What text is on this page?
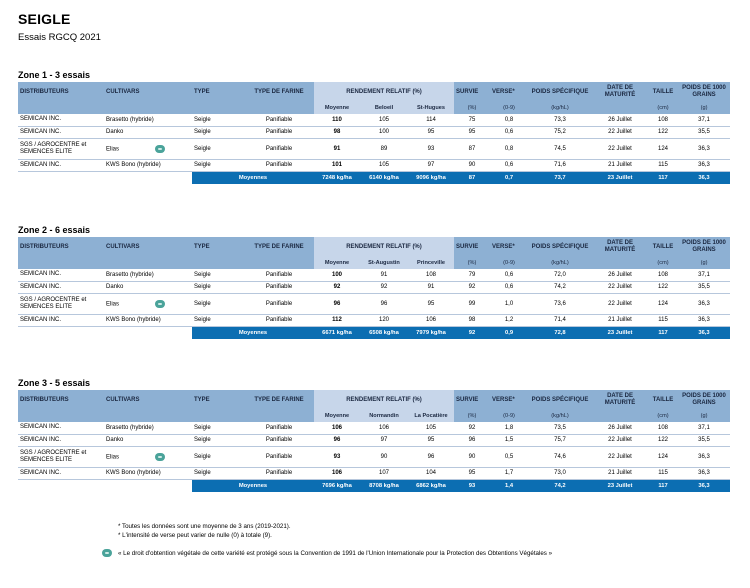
SEIGLE
Essais RGCQ 2021
Zone 1 - 3 essais
DISTRIBUTEURS	CULTIVARS	TYPE	TYPE DE FARINE	RENDEMENT RELATIF (%)			SURVIE	VERSE*	POIDS SPÉCIFIQUE	DATE DE MATURITÉ	TAILLE	POIDS DE 1000 GRAINS
				Moyenne	Beloeil	St-Hugues	(%)	(0-9)	(kg/hL)		(cm)	(g)
SEMICAN INC.	Brasetto (hybride)	Seigle	Panifiable	110	105	114	75	0,8	73,3	26 Juillet	108	37,1
SEMICAN INC.	Danko	Seigle	Panifiable	98	100	95	95	0,6	75,2	22 Juillet	122	35,5
SGS / AGROCENTRE et SEMENCES ELITE	Elias	Seigle	Panifiable	91	89	93	87	0,8	74,5	22 Juillet	124	36,3
SEMICAN INC.	KWS Bono (hybride)	Seigle	Panifiable	101	105	97	90	0,6	71,6	21 Juillet	115	36,3
		Moyennes		7248 kg/ha	6140 kg/ha	9096 kg/ha	87	0,7	73,7	23 Juillet	117	36,3
Zone 2 - 6 essais
DISTRIBUTEURS	CULTIVARS	TYPE	TYPE DE FARINE	RENDEMENT RELATIF (%)			SURVIE	VERSE*	POIDS SPÉCIFIQUE	DATE DE MATURITÉ	TAILLE	POIDS DE 1000 GRAINS
				Moyenne	St-Augustin	Princeville	(%)	(0-9)	(kg/hL)		(cm)	(g)
SEMICAN INC.	Brasetto (hybride)	Seigle	Panifiable	100	91	108	79	0,6	72,0	26 Juillet	108	37,1
SEMICAN INC.	Danko	Seigle	Panifiable	92	92	91	92	0,6	74,2	22 Juillet	122	35,5
SGS / AGROCENTRE et SEMENCES ELITE	Elias	Seigle	Panifiable	96	96	95	99	1,0	73,6	22 Juillet	124	36,3
SEMICAN INC.	KWS Bono (hybride)	Seigle	Panifiable	112	120	106	98	1,2	71,4	21 Juillet	115	36,3
		Moyennes		6671 kg/ha	6508 kg/ha	7979 kg/ha	92	0,9	72,8	23 Juillet	117	36,3
Zone 3 - 5 essais
DISTRIBUTEURS	CULTIVARS	TYPE	TYPE DE FARINE	RENDEMENT RELATIF (%)			SURVIE	VERSE*	POIDS SPÉCIFIQUE	DATE DE MATURITÉ	TAILLE	POIDS DE 1000 GRAINS
				Moyenne	Normandin	La Pocatière	(%)	(0-9)	(kg/hL)		(cm)	(g)
SEMICAN INC.	Brasetto (hybride)	Seigle	Panifiable	106	106	105	92	1,8	73,5	26 Juillet	108	37,1
SEMICAN INC.	Danko	Seigle	Panifiable	96	97	95	96	1,5	75,7	22 Juillet	122	35,5
SGS / AGROCENTRE et SEMENCES ELITE	Elias	Seigle	Panifiable	93	90	96	90	0,5	74,6	22 Juillet	124	36,3
SEMICAN INC.	KWS Bono (hybride)	Seigle	Panifiable	106	107	104	95	1,7	73,0	21 Juillet	115	36,3
		Moyennes		7696 kg/ha	8708 kg/ha	6862 kg/ha	93	1,4	74,2	23 Juillet	117	36,3
* Toutes les données sont une moyenne de 3 ans (2019-2021).
* L'intensité de verse peut varier de nulle (0) à totale (9).
« Le droit d'obtention végétale de cette variété est protégé sous la Convention de 1991 de l'Union Internationale pour la Protection des Obtentions Végétales »
